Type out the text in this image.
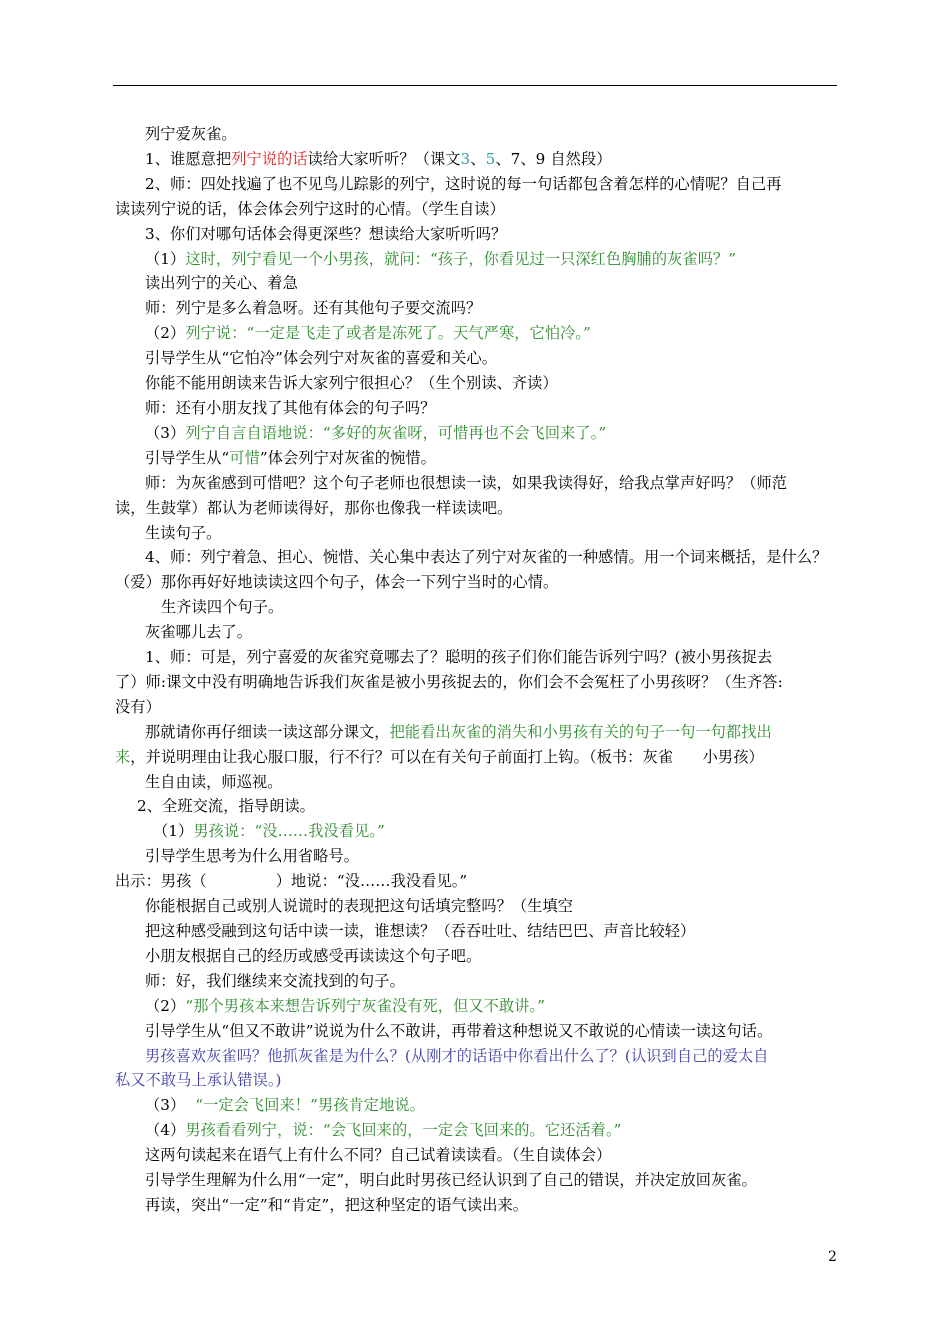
列宁爱灰雀。

1、谁愿意把列宁说的话读给大家听听？（课文3、5、7、9 自然段）

2、师：四处找遍了也不见鸟儿踪影的列宁，这时说的每一句话都包含着怎样的心情呢？自己再

读读列宁说的话，体会体会列宁这时的心情。（学生自读）

3、你们对哪句话体会得更深些？想读给大家听听吗？

（1）这时，列宁看见一个小男孩，就问：“孩子，你看见过一只深红色胸脯的灰雀吗？”

读出列宁的关心、着急

师：列宁是多么着急呀。还有其他句子要交流吗？

（2）列宁说：“一定是飞走了或者是冻死了。天气严寒，它怕冷。”

引导学生从“它怕冷”体会列宁对灰雀的喜爱和关心。

你能不能用朗读来告诉大家列宁很担心？（生个别读、齐读）

师：还有小朋友找了其他有体会的句子吗？

（3）列宁自言自语地说：“多好的灰雀呀，可惜再也不会飞回来了。”

引导学生从“可惜”体会列宁对灰雀的惋惜。

师：为灰雀感到可惜吧？这个句子老师也很想读一读，如果我读得好，给我点掌声好吗？（师范

读，生鼓掌）都认为老师读得好，那你也像我一样读读吧。

生读句子。

4、师：列宁着急、担心、惋惜、关心集中表达了列宁对灰雀的一种感情。用一个词来概括，是什么？

（爱）那你再好好地读读这四个句子，体会一下列宁当时的心情。

生齐读四个句子。

灰雀哪儿去了。

1、师：可是，列宁喜爱的灰雀究竟哪去了？聪明的孩子们你们能告诉列宁吗？(被小男孩捉去

了）师:课文中没有明确地告诉我们灰雀是被小男孩捉去的，你们会不会冤枉了小男孩呀？（生齐答:

没有）

那就请你再仔细读一读这部分课文，把能看出灰雀的消失和小男孩有关的句子一句一句都找出

来，并说明理由让我心服口服，行不行？可以在有关句子前面打上钩。（板书：灰雀      小男孩）

生自由读，师巡视。

2、全班交流，指导朗读。

（1）男孩说：“没……我没看见。”

引导学生思考为什么用省略号。

出示：男孩（              ）地说：“没……我没看见。”

你能根据自己或别人说谎时的表现把这句话填完整吗？（生填空

把这种感受融到这句话中读一读，谁想读？（吞吞吐吐、结结巴巴、声音比较轻）

小朋友根据自己的经历或感受再读读这个句子吧。

师：好，我们继续来交流找到的句子。

（2）“那个男孩本来想告诉列宁灰雀没有死，但又不敢讲。”

引导学生从“但又不敢讲”说说为什么不敢讲，再带着这种想说又不敢说的心情读一读这句话。

男孩喜欢灰雀吗？他抓灰雀是为什么？(从刚才的话语中你看出什么了？(认识到自己的爱太自

私又不敢马上承认错误。)

（3）  “一定会飞回来！”男孩肯定地说。

（4）男孩看看列宁，说：“会飞回来的，一定会飞回来的。它还活着。”

这两句读起来在语气上有什么不同？自己试着读读看。（生自读体会）

引导学生理解为什么用“一定”，明白此时男孩已经认识到了自己的错误，并决定放回灰雀。

再读，突出“一定”和“肯定”，把这种坚定的语气读出来。

2
